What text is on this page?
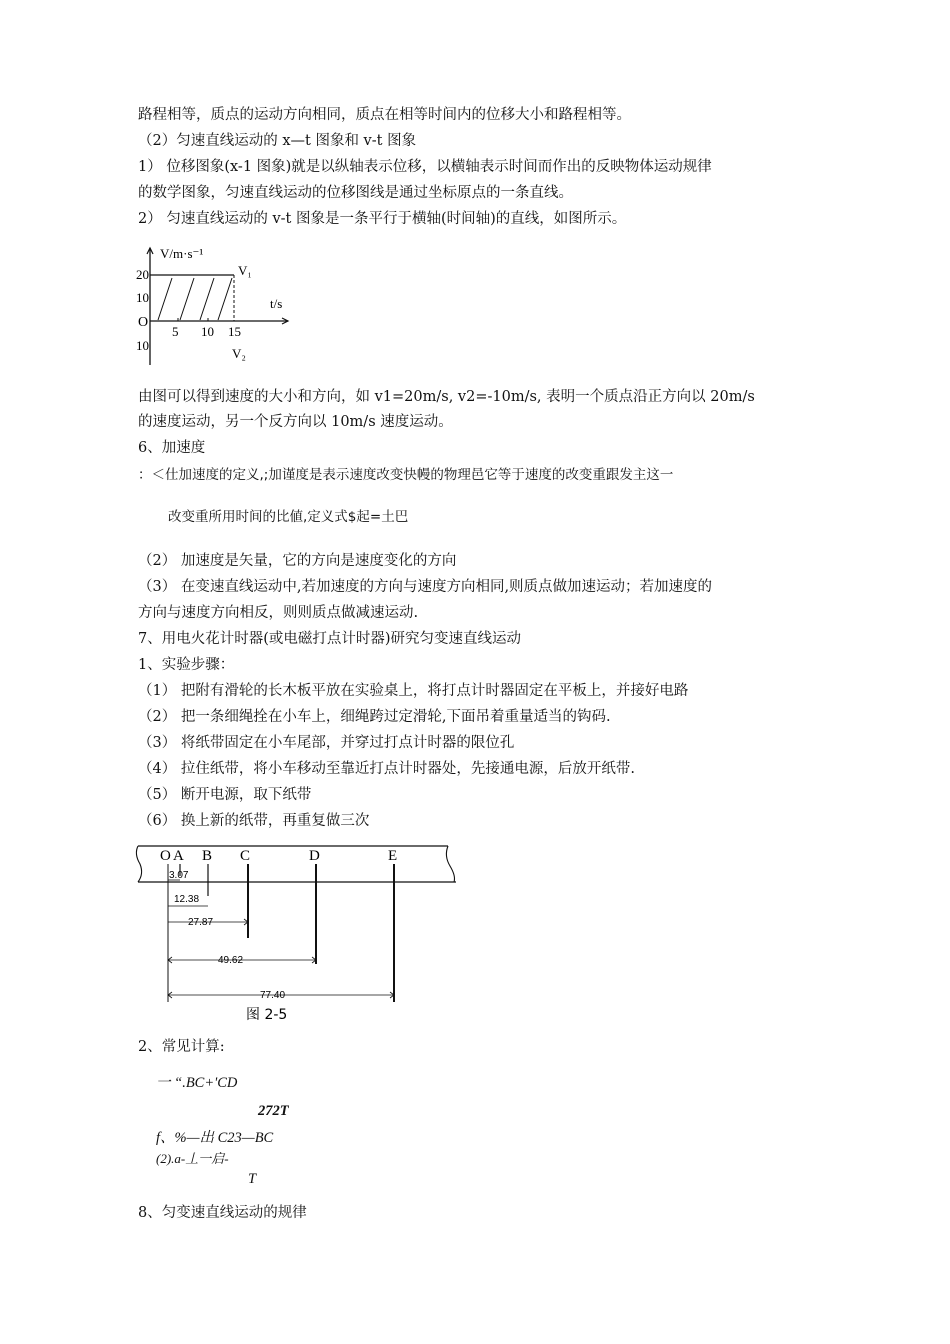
路程相等，质点的运动方向相同，质点在相等时间内的位移大小和路程相等。
（2）匀速直线运动的 x—t 图象和 v-t 图象
1） 位移图象(x-1 图象)就是以纵轴表示位移，以横轴表示时间而作出的反映物体运动规律
的数学图象，匀速直线运动的位移图线是通过坐标原点的一条直线。
2） 匀速直线运动的 v-t 图象是一条平行于横轴(时间轴)的直线，如图所示。
V/m·s⁻¹
V₁
t/s
20
10
O
10
5 10 15
V₂
由图可以得到速度的大小和方向，如 v1=20m/s, v2=-10m/s, 表明一个质点沿正方向以 20m/s
的速度运动，另一个反方向以 10m/s 速度运动。
6、加速度
：＜仕加速度的定义,;加谨度是表示速度改变快幔的物理邑它等于速度的改变重跟发主这一
改变重所用时间的比値,定义式$起=土巴
（2） 加速度是矢量，它的方向是速度变化的方向
（3） 在变速直线运动中,若加速度的方向与速度方向相同,则质点做加速运动；若加速度的
方向与速度方向相反，则则质点做减速运动.
7、用电火花计时器(或电磁打点计时器)研究匀变速直线运动
1、实验步骤：
（1） 把附有滑轮的长木板平放在实验桌上，将打点计时器固定在平板上，并接好电路
（2） 把一条细绳拴在小车上，细绳跨过定滑轮,下面吊着重量适当的钩码.
（3） 将纸带固定在小车尾部，并穿过打点计时器的限位孔
（4） 拉住纸带，将小车移动至靠近打点计时器处，先接通电源，后放开纸带.
（5） 断开电源，取下纸带
（6） 换上新的纸带，再重复做三次
O A B C	D	E
3.07
12.38
27.87
49.62
77.40
图 2-5
2、常见计算:
一 “.BC+'CD
272T
f、%—出 C23—BC
(2).a-丄一启-
T
8、匀变速直线运动的规律
